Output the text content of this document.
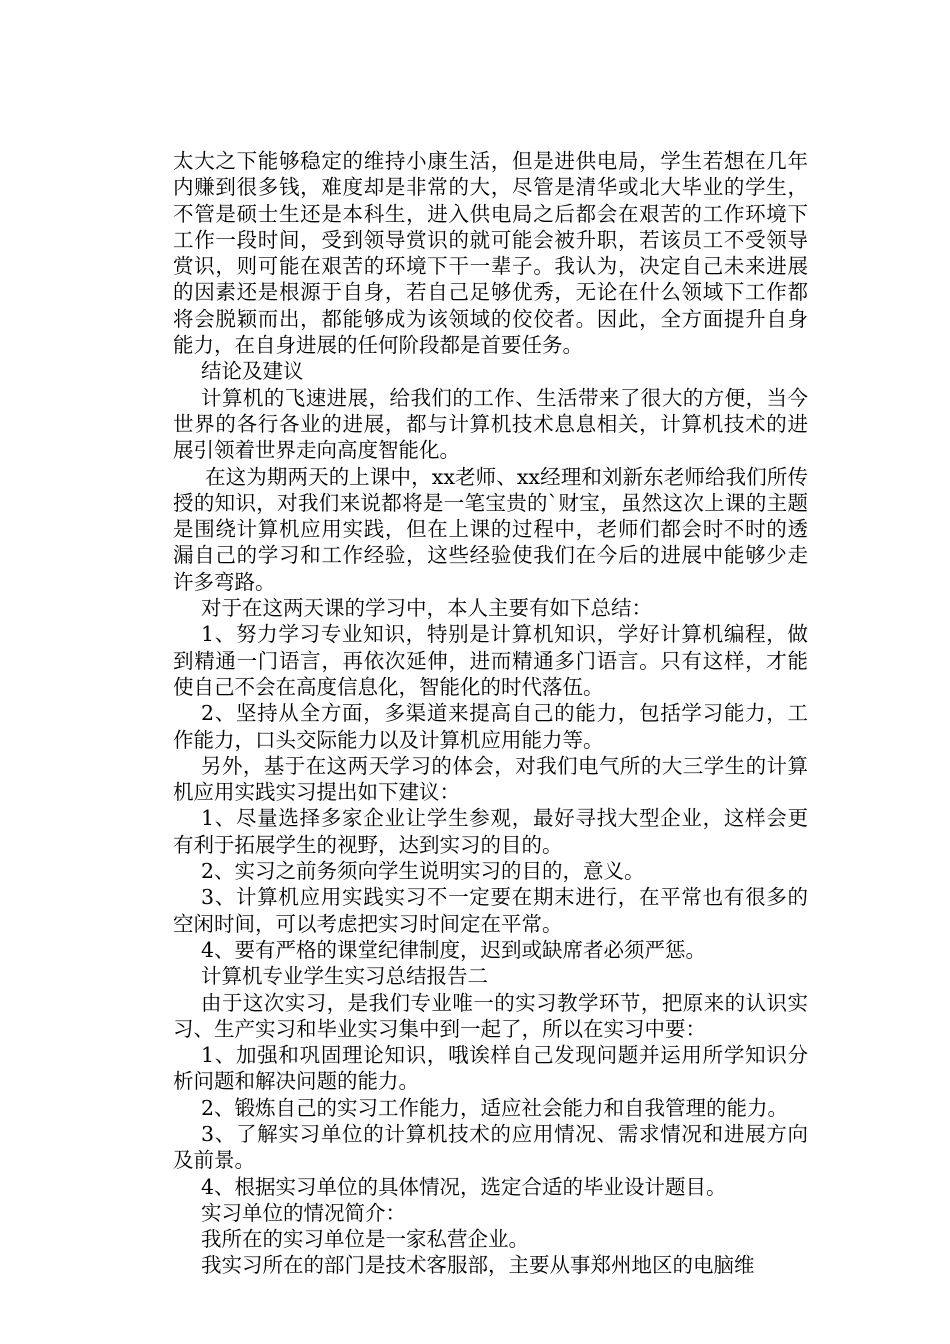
太大之下能够稳定的维持小康生活，但是进供电局，学生若想在几年内赚到很多钱，难度却是非常的大，尽管是清华或北大毕业的学生，不管是硕士生还是本科生，进入供电局之后都会在艰苦的工作环境下工作一段时间，受到领导赏识的就可能会被升职，若该员工不受领导赏识，则可能在艰苦的环境下干一辈子。我认为，决定自己未来进展的因素还是根源于自身，若自己足够优秀，无论在什么领域下工作都将会脱颖而出，都能够成为该领域的佼佼者。因此，全方面提升自身能力，在自身进展的任何阶段都是首要任务。

结论及建议

计算机的飞速进展，给我们的工作、生活带来了很大的方便，当今世界的各行各业的进展，都与计算机技术息息相关，计算机技术的进展引领着世界走向高度智能化。

在这为期两天的上课中，xx老师、xx经理和刘新东老师给我们所传授的知识，对我们来说都将是一笔宝贵的`财宝，虽然这次上课的主题是围绕计算机应用实践，但在上课的过程中，老师们都会时不时的透漏自己的学习和工作经验，这些经验使我们在今后的进展中能够少走许多弯路。

对于在这两天课的学习中，本人主要有如下总结：

1、努力学习专业知识，特别是计算机知识，学好计算机编程，做到精通一门语言，再依次延伸，进而精通多门语言。只有这样，才能使自己不会在高度信息化，智能化的时代落伍。

2、坚持从全方面，多渠道来提高自己的能力，包括学习能力，工作能力，口头交际能力以及计算机应用能力等。

另外，基于在这两天学习的体会，对我们电气所的大三学生的计算机应用实践实习提出如下建议：

1、尽量选择多家企业让学生参观，最好寻找大型企业，这样会更有利于拓展学生的视野，达到实习的目的。

2、实习之前务须向学生说明实习的目的，意义。

3、计算机应用实践实习不一定要在期末进行，在平常也有很多的空闲时间，可以考虑把实习时间定在平常。

4、要有严格的课堂纪律制度，迟到或缺席者必须严惩。

计算机专业学生实习总结报告二

由于这次实习，是我们专业唯一的实习教学环节，把原来的认识实习、生产实习和毕业实习集中到一起了，所以在实习中要：

1、加强和巩固理论知识，哦诶样自己发现问题并运用所学知识分析问题和解决问题的能力。

2、锻炼自己的实习工作能力，适应社会能力和自我管理的能力。

3、了解实习单位的计算机技术的应用情况、需求情况和进展方向及前景。

4、根据实习单位的具体情况，选定合适的毕业设计题目。

实习单位的情况简介：

我所在的实习单位是一家私营企业。

我实习所在的部门是技术客服部，主要从事郑州地区的电脑维
